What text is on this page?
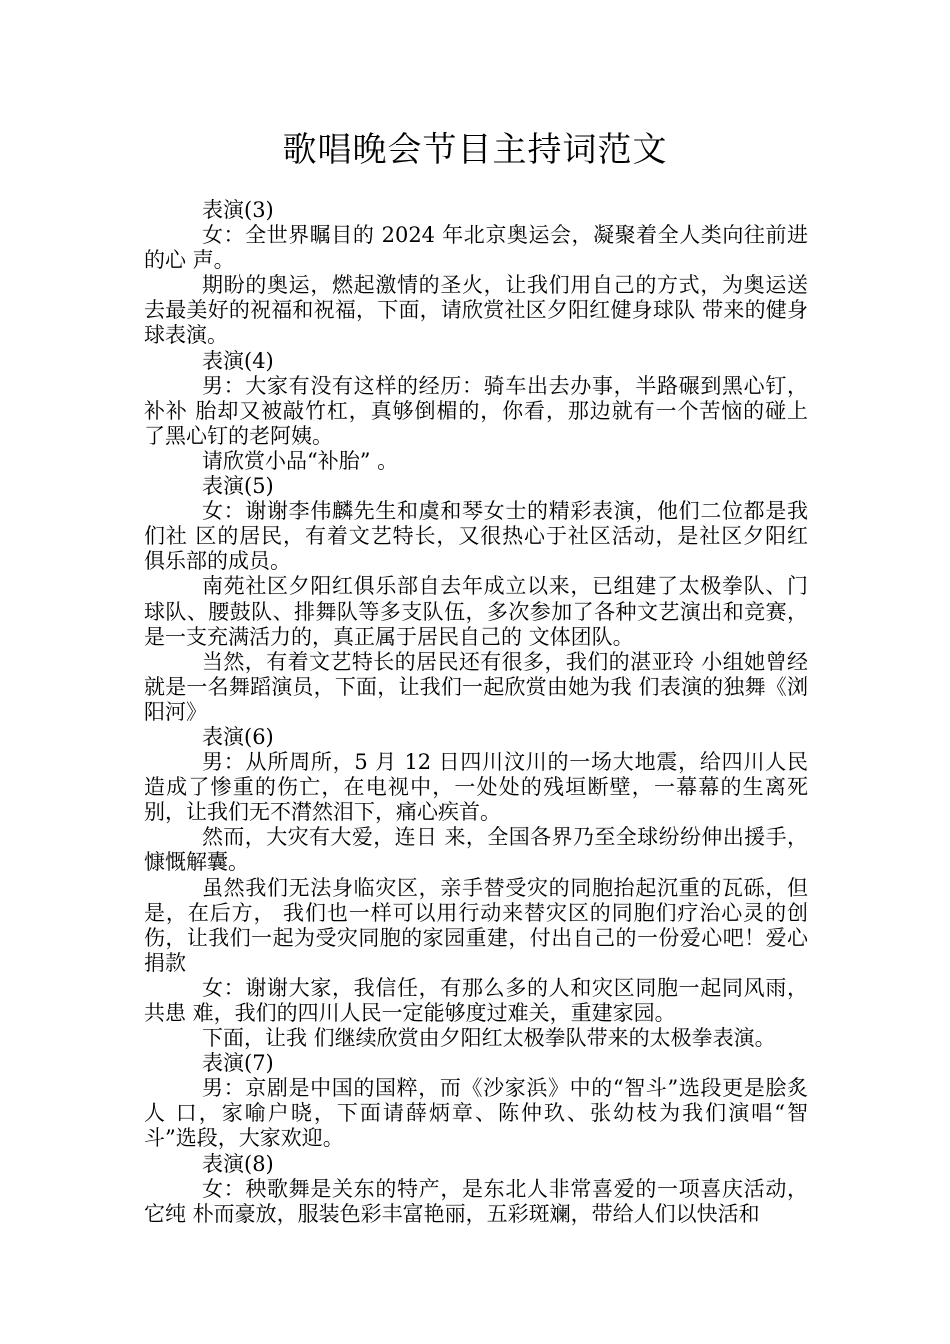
歌唱晚会节目主持词范文

表演(3)

女：全世界瞩目的 2024 年北京奥运会，凝聚着全人类向往前进的心 声。

期盼的奥运，燃起激情的圣火，让我们用自己的方式，为奥运送去最美好的祝福和祝福，下面，请欣赏社区夕阳红健身球队 带来的健身球表演。

表演(4)

男：大家有没有这样的经历：骑车出去办事，半路碾到黑心钉，补补 胎却又被敲竹杠，真够倒楣的，你看，那边就有一个苦恼的碰上 了黑心钉的老阿姨。

请欣赏小品“补胎” 。

表演(5)

女：谢谢李伟麟先生和虞和琴女士的精彩表演，他们二位都是我们社 区的居民，有着文艺特长，又很热心于社区活动，是社区夕阳红 俱乐部的成员。

南苑社区夕阳红俱乐部自去年成立以来，已组建了太极拳队、门球队、腰鼓队、排舞队等多支队伍，多次参加了各种文艺演出和竞赛，是一支充满活力的，真正属于居民自己的 文体团队。

当然，有着文艺特长的居民还有很多，我们的湛亚玲 小组她曾经就是一名舞蹈演员，下面，让我们一起欣赏由她为我 们表演的独舞《浏阳河》

表演(6)

男：从所周所，5 月 12 日四川汶川的一场大地震，给四川人民造成了惨重的伤亡，在电视中，一处处的残垣断壁，一幕幕的生离死别，让我们无不潸然泪下，痛心疾首。

然而，大灾有大爱，连日 来，全国各界乃至全球纷纷伸出援手，慷慨解囊。

虽然我们无法身临灾区，亲手替受灾的同胞抬起沉重的瓦砾，但是，在后方， 我们也一样可以用行动来替灾区的同胞们疗治心灵的创伤，让我们一起为受灾同胞的家园重建，付出自己的一份爱心吧！爱心捐款

女：谢谢大家，我信任，有那么多的人和灾区同胞一起同风雨，共患 难，我们的四川人民一定能够度过难关，重建家园。

下面，让我 们继续欣赏由夕阳红太极拳队带来的太极拳表演。

表演(7)

男：京剧是中国的国粹，而《沙家浜》中的“智斗”选段更是脍炙人 口，家喻户晓，下面请薛炳章、陈仲玖、张幼枝为我们演唱“智 斗”选段，大家欢迎。

表演(8)

女：秧歌舞是关东的特产，是东北人非常喜爱的一项喜庆活动，它纯 朴而豪放，服装色彩丰富艳丽，五彩斑斓，带给人们以快活和
